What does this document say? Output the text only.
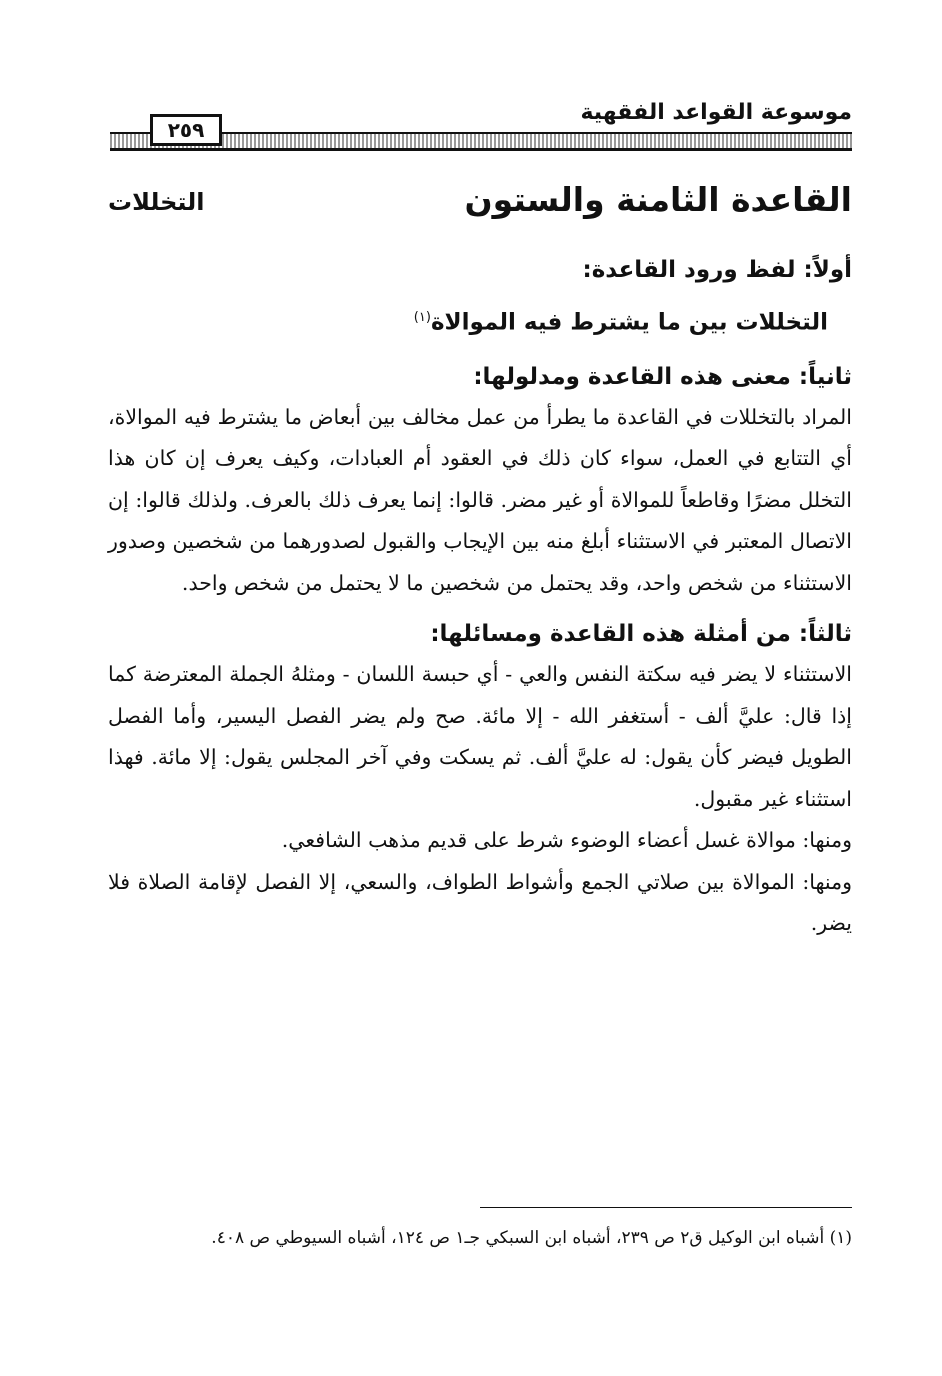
موسوعة القواعد الفقهية
٢٥٩
القاعدة الثامنة والستون
التخللات

أولاً: لفظ ورود القاعدة:

التخللات بين ما يشترط فيه الموالاة$^{(١)}$

ثانياً: معنى هذه القاعدة ومدلولها:

المراد بالتخللات في القاعدة ما يطرأ من عمل مخالف بين أبعاض ما يشترط فيه الموالاة، أي التتابع في العمل، سواء كان ذلك في العقود أم العبادات، وكيف يعرف إن كان هذا التخلل مضرًا وقاطعاً للموالاة أو غير مضر. قالوا: إنما يعرف ذلك بالعرف. ولذلك قالوا: إن الاتصال المعتبر في الاستثناء أبلغ منه بين الإيجاب والقبول لصدورهما من شخصين وصدور الاستثناء من شخص واحد، وقد يحتمل من شخصين ما لا يحتمل من شخص واحد.

ثالثاً: من أمثلة هذه القاعدة ومسائلها:

الاستثناء لا يضر فيه سكتة النفس والعي - أي حبسة اللسان - ومثلهُ الجملة المعترضة كما إذا قال: عليَّ ألف - أستغفر الله - إلا مائة. صح ولم يضر الفصل اليسير، وأما الفصل الطويل فيضر كأن يقول: له عليَّ ألف. ثم يسكت وفي آخر المجلس يقول: إلا مائة. فهذا استثناء غير مقبول.

ومنها: موالاة غسل أعضاء الوضوء شرط على قديم مذهب الشافعي.

ومنها: الموالاة بين صلاتي الجمع وأشواط الطواف، والسعي، إلا الفصل لإقامة الصلاة فلا يضر.

(١) أشباه ابن الوكيل ق٢ ص ٢٣٩، أشباه ابن السبكي جـ١ ص ١٢٤، أشباه السيوطي ص ٤٠٨.
